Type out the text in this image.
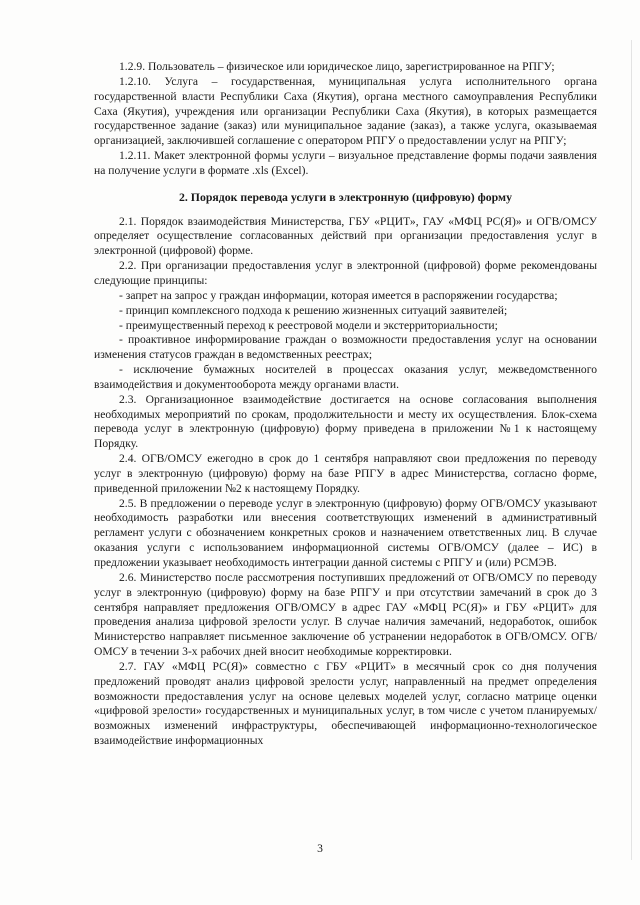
1.2.9. Пользователь – физическое или юридическое лицо, зарегистрированное на РПГУ;

1.2.10. Услуга – государственная, муниципальная услуга исполнительного органа государственной власти Республики Саха (Якутия), органа местного самоуправления Республики Саха (Якутия), учреждения или организации Республики Саха (Якутия), в которых размещается государственное задание (заказ) или муниципальное задание (заказ), а также услуга, оказываемая организацией, заключившей соглашение с оператором РПГУ о предоставлении услуг на РПГУ;

1.2.11. Макет электронной формы услуги – визуальное представление формы подачи заявления на получение услуги в формате .xls (Excel).

2. Порядок перевода услуги в электронную (цифровую) форму

2.1. Порядок взаимодействия Министерства, ГБУ «РЦИТ», ГАУ «МФЦ РС(Я)» и ОГВ/ОМСУ определяет осуществление согласованных действий при организации предоставления услуг в электронной (цифровой) форме.

2.2. При организации предоставления услуг в электронной (цифровой) форме рекомендованы следующие принципы:

- запрет на запрос у граждан информации, которая имеется в распоряжении государства;

- принцип комплексного подхода к решению жизненных ситуаций заявителей;

- преимущественный переход к реестровой модели и экстерриториальности;

- проактивное информирование граждан о возможности предоставления услуг на основании изменения статусов граждан в ведомственных реестрах;

- исключение бумажных носителей в процессах оказания услуг, межведомственного взаимодействия и документооборота между органами власти.

2.3. Организационное взаимодействие достигается на основе согласования выполнения необходимых мероприятий по срокам, продолжительности и месту их осуществления. Блок-схема перевода услуг в электронную (цифровую) форму приведена в приложении №1 к настоящему Порядку.

2.4. ОГВ/ОМСУ ежегодно в срок до 1 сентября направляют свои предложения по переводу услуг в электронную (цифровую) форму на базе РПГУ в адрес Министерства, согласно форме, приведенной приложении №2 к настоящему Порядку.

2.5. В предложении о переводе услуг в электронную (цифровую) форму ОГВ/ОМСУ указывают необходимость разработки или внесения соответствующих изменений в административный регламент услуги с обозначением конкретных сроков и назначением ответственных лиц. В случае оказания услуги с использованием информационной системы ОГВ/ОМСУ (далее – ИС) в предложении указывает необходимость интеграции данной системы с РПГУ и (или) РСМЭВ.

2.6. Министерство после рассмотрения поступивших предложений от ОГВ/ОМСУ по переводу услуг в электронную (цифровую) форму на базе РПГУ и при отсутствии замечаний в срок до 3 сентября направляет предложения ОГВ/ОМСУ в адрес ГАУ «МФЦ РС(Я)» и ГБУ «РЦИТ» для проведения анализа цифровой зрелости услуг. В случае наличия замечаний, недоработок, ошибок Министерство направляет письменное заключение об устранении недоработок в ОГВ/ОМСУ. ОГВ/ОМСУ в течении 3-х рабочих дней вносит необходимые корректировки.

2.7. ГАУ «МФЦ РС(Я)» совместно с ГБУ «РЦИТ» в месячный срок со дня получения предложений проводят анализ цифровой зрелости услуг, направленный на предмет определения возможности предоставления услуг на основе целевых моделей услуг, согласно матрице оценки «цифровой зрелости» государственных и муниципальных услуг, в том числе с учетом планируемых/возможных изменений инфраструктуры, обеспечивающей информационно-технологическое взаимодействие информационных

3
